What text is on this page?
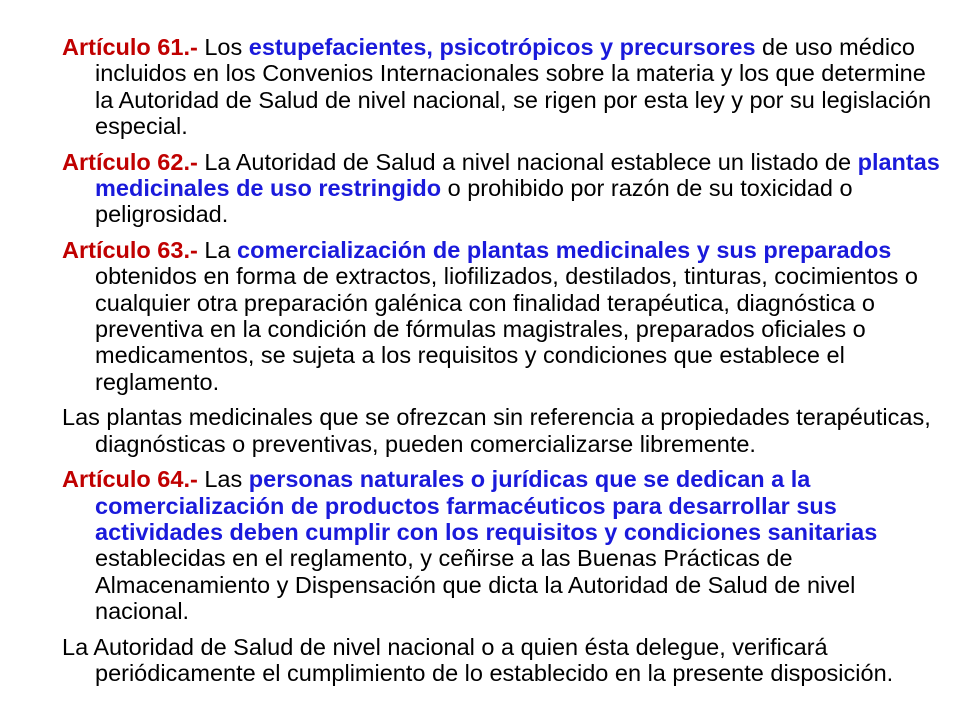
Artículo 61.- Los estupefacientes, psicotrópicos y precursores de uso médico incluidos en los Convenios Internacionales sobre la materia y los que determine la Autoridad de Salud de nivel nacional, se rigen por esta ley y por su legislación especial.

Artículo 62.- La Autoridad de Salud a nivel nacional establece un listado de plantas medicinales de uso restringido o prohibido por razón de su toxicidad o peligrosidad.

Artículo 63.- La comercialización de plantas medicinales y sus preparados obtenidos en forma de extractos, liofilizados, destilados, tinturas, cocimientos o cualquier otra preparación galénica con finalidad terapéutica, diagnóstica o preventiva en la condición de fórmulas magistrales, preparados oficiales o medicamentos, se sujeta a los requisitos y condiciones que establece el reglamento.

Las plantas medicinales que se ofrezcan sin referencia a propiedades terapéuticas, diagnósticas o preventivas, pueden comercializarse libremente.

Artículo 64.- Las personas naturales o jurídicas que se dedican a la comercialización de productos farmacéuticos para desarrollar sus actividades deben cumplir con los requisitos y condiciones sanitarias establecidas en el reglamento, y ceñirse a las Buenas Prácticas de Almacenamiento y Dispensación que dicta la Autoridad de Salud de nivel nacional.

La Autoridad de Salud de nivel nacional o a quien ésta delegue, verificará periódicamente el cumplimiento de lo establecido en la presente disposición.
